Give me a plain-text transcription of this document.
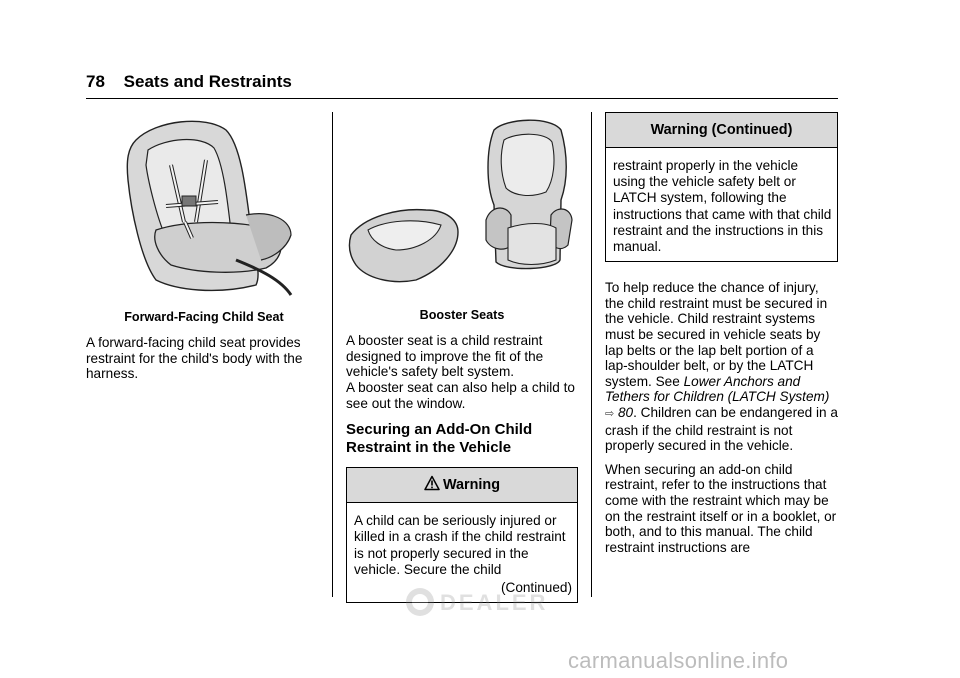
78 Seats and Restraints
Forward-Facing Child Seat

A forward-facing child seat provides restraint for the child's body with the harness.

Booster Seats

A booster seat is a child restraint designed to improve the fit of the vehicle's safety belt system.

A booster seat can also help a child to see out the window.

Securing an Add-On Child Restraint in the Vehicle
Warning

A child can be seriously injured or killed in a crash if the child restraint is not properly secured in the vehicle. Secure the child

(Continued)
Warning (Continued)

restraint properly in the vehicle using the vehicle safety belt or LATCH system, following the instructions that came with that child restraint and the instructions in this manual.

To help reduce the chance of injury, the child restraint must be secured in the vehicle. Child restraint systems must be secured in vehicle seats by lap belts or the lap belt portion of a lap-shoulder belt, or by the LATCH system. See Lower Anchors and Tethers for Children (LATCH System) ⇨ 80. Children can be endangered in a crash if the child restraint is not properly secured in the vehicle.

When securing an add-on child restraint, refer to the instructions that come with the restraint which may be on the restraint itself or in a booklet, or both, and to this manual. The child restraint instructions are

DEALER
carmanualsonline.info
